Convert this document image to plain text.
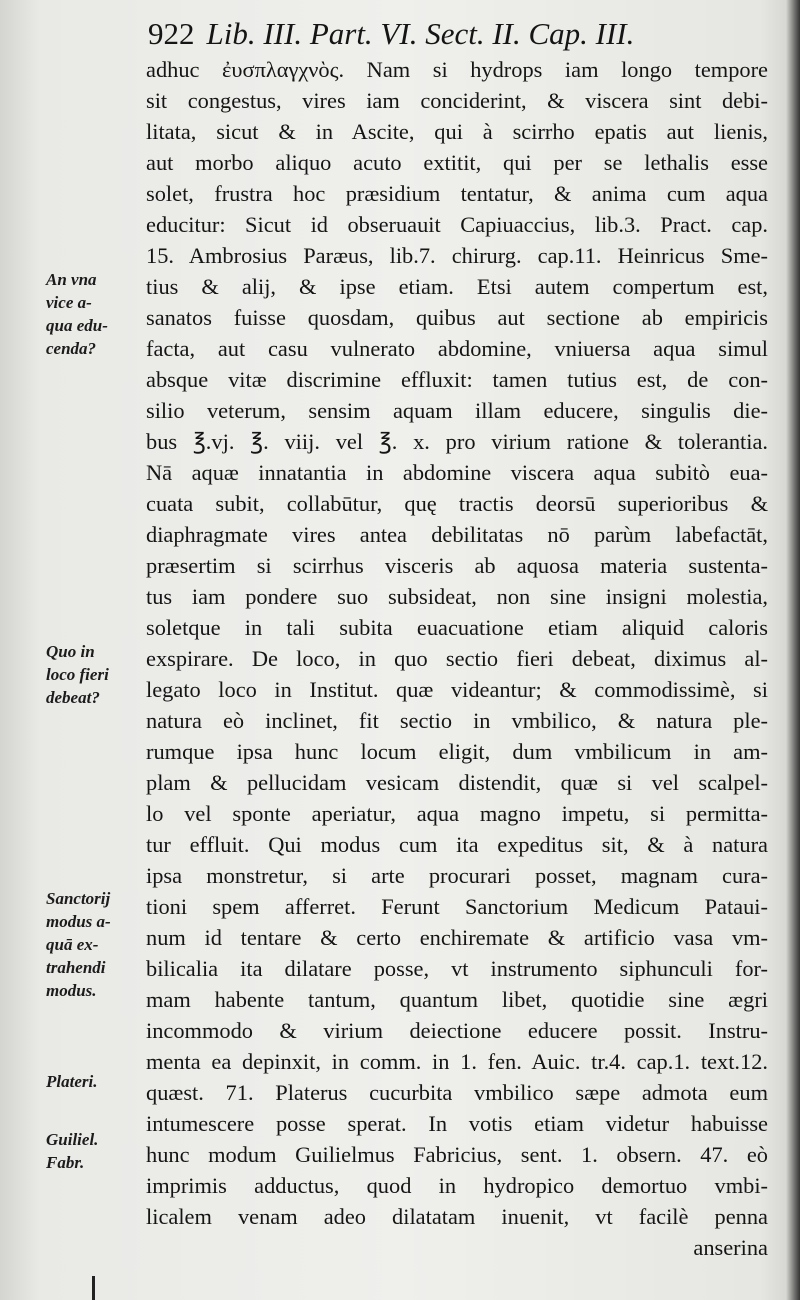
922 Lib. III. Part. VI. Sect. II. Cap. III.
adhuc ἐυσπλαγχνὸς. Nam si hydrops iam longo tempore
sit congestus, vires iam conciderint, & viscera sint debi-
litata, sicut & in Ascite, qui à scirrho epatis aut lienis,
aut morbo aliquo acuto extitit, qui per se lethalis esse
solet, frustra hoc præsidium tentatur, & anima cum aqua
educitur: Sicut id obseruauit Capiuaccius, lib.3. Pract. cap.
15. Ambrosius Paræus, lib.7. chirurg. cap.11. Heinricus Sme-
tius & alij, & ipse etiam. Etsi autem compertum est,
sanatos fuisse quosdam, quibus aut sectione ab empiricis
facta, aut casu vulnerato abdomine, vniuersa aqua simul
absque vitæ discrimine effluxit: tamen tutius est, de con-
silio veterum, sensim aquam illam educere, singulis die-
bus ℥.vj. ℥. viij. vel ℥. x. pro virium ratione & tolerantia.
Nā aquæ innatantia in abdomine viscera aqua subitò eua-
cuata subit, collabūtur, quę tractis deorsū superioribus &
diaphragmate vires antea debilitatas nō parùm labefactāt,
præsertim si scirrhus visceris ab aquosa materia sustenta-
tus iam pondere suo subsideat, non sine insigni molestia,
soletque in tali subita euacuatione etiam aliquid caloris
exspirare. De loco, in quo sectio fieri debeat, diximus al-
legato loco in Institut. quæ videantur; & commodissimè, si
natura eò inclinet, fit sectio in vmbilico, & natura ple-
rumque ipsa hunc locum eligit, dum vmbilicum in am-
plam & pellucidam vesicam distendit, quæ si vel scalpel-
lo vel sponte aperiatur, aqua magno impetu, si permitta-
tur effluit. Qui modus cum ita expeditus sit, & à natura
ipsa monstretur, si arte procurari posset, magnam cura-
tioni spem afferret. Ferunt Sanctorium Medicum Pataui-
num id tentare & certo enchiremate & artificio vasa vm-
bilicalia ita dilatare posse, vt instrumento siphunculi for-
mam habente tantum, quantum libet, quotidie sine ægri
incommodo & virium deiectione educere possit. Instru-
menta ea depinxit, in comm. in 1. fen. Auic. tr.4. cap.1. text.12.
quæst. 71. Platerus cucurbita vmbilico sæpe admota eum
intumescere posse sperat. In votis etiam videtur habuisse
hunc modum Guilielmus Fabricius, sent. 1. obsern. 47. eò
imprimis adductus, quod in hydropico demortuo vmbi-
licalem venam adeo dilatatam inuenit, vt facilè penna
anserina
An vna
vice a-
qua edu-
cenda?
Quo in
loco fieri
debeat?
Sanctorij
modus a-
quā ex-
trahendi
modus.
Plateri.
Guiliel.
Fabr.
